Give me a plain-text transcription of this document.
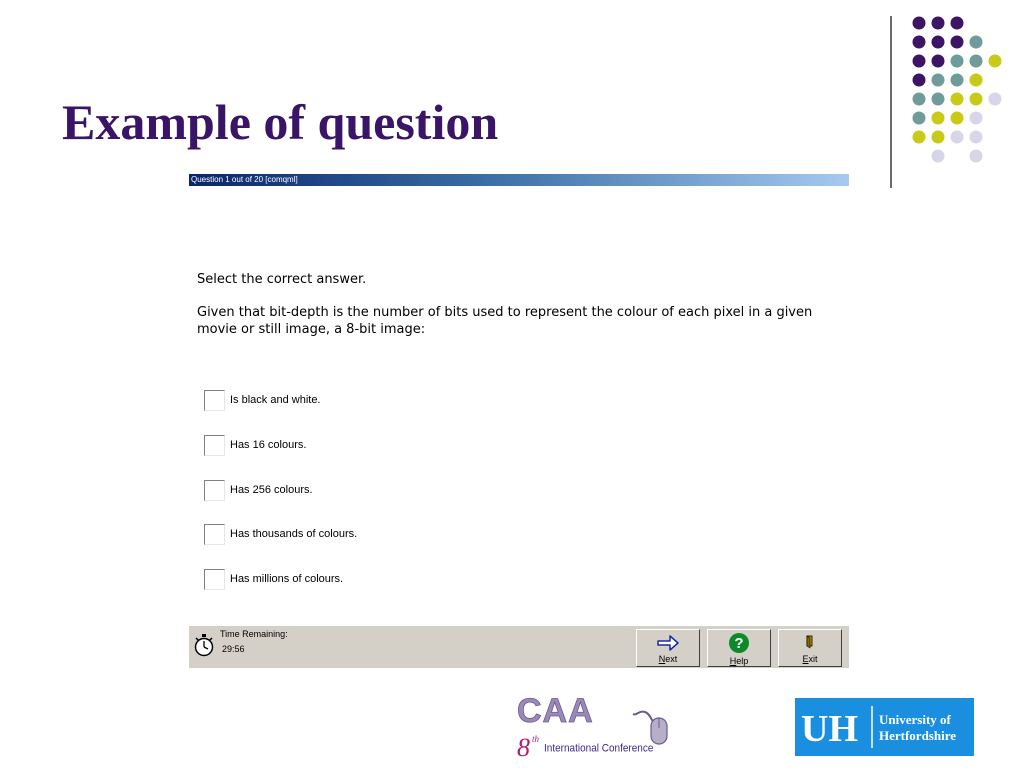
Example of question
Question 1 out of 20 [comqml]
Select the correct answer.
Given that bit-depth is the number of bits used to represent the colour of each pixel in a given movie or still image, a 8-bit image:
Is black and white.
Has 16 colours.
Has 256 colours.
Has thousands of colours.
Has millions of colours.
Time Remaining:
29:56
Next
?
Help	Exit
CAA
8 th
International Conference	UH University of
Hertfordshire
